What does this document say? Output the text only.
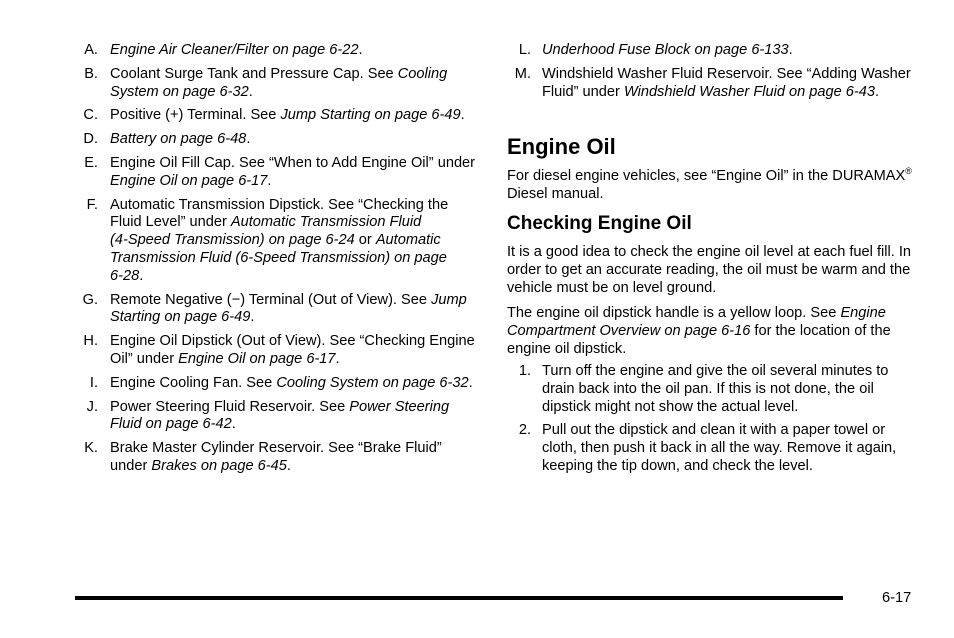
A. Engine Air Cleaner/Filter on page 6‑22.
B. Coolant Surge Tank and Pressure Cap. See Cooling System on page 6‑32.
C. Positive (+) Terminal. See Jump Starting on page 6‑49.
D. Battery on page 6‑48.
E. Engine Oil Fill Cap. See “When to Add Engine Oil” under Engine Oil on page 6‑17.
F. Automatic Transmission Dipstick. See “Checking the Fluid Level” under Automatic Transmission Fluid (4‑Speed Transmission) on page 6‑24 or Automatic Transmission Fluid (6‑Speed Transmission) on page 6‑28.
G. Remote Negative (−) Terminal (Out of View). See Jump Starting on page 6‑49.
H. Engine Oil Dipstick (Out of View). See “Checking Engine Oil” under Engine Oil on page 6‑17.
I. Engine Cooling Fan. See Cooling System on page 6‑32.
J. Power Steering Fluid Reservoir. See Power Steering Fluid on page 6‑42.
K. Brake Master Cylinder Reservoir. See “Brake Fluid” under Brakes on page 6‑45.
L. Underhood Fuse Block on page 6‑133.
M. Windshield Washer Fluid Reservoir. See “Adding Washer Fluid” under Windshield Washer Fluid on page 6‑43.
Engine Oil
For diesel engine vehicles, see “Engine Oil” in the DURAMAX® Diesel manual.
Checking Engine Oil
It is a good idea to check the engine oil level at each fuel fill. In order to get an accurate reading, the oil must be warm and the vehicle must be on level ground.
The engine oil dipstick handle is a yellow loop. See Engine Compartment Overview on page 6‑16 for the location of the engine oil dipstick.
1. Turn off the engine and give the oil several minutes to drain back into the oil pan. If this is not done, the oil dipstick might not show the actual level.
2. Pull out the dipstick and clean it with a paper towel or cloth, then push it back in all the way. Remove it again, keeping the tip down, and check the level.
6-17
